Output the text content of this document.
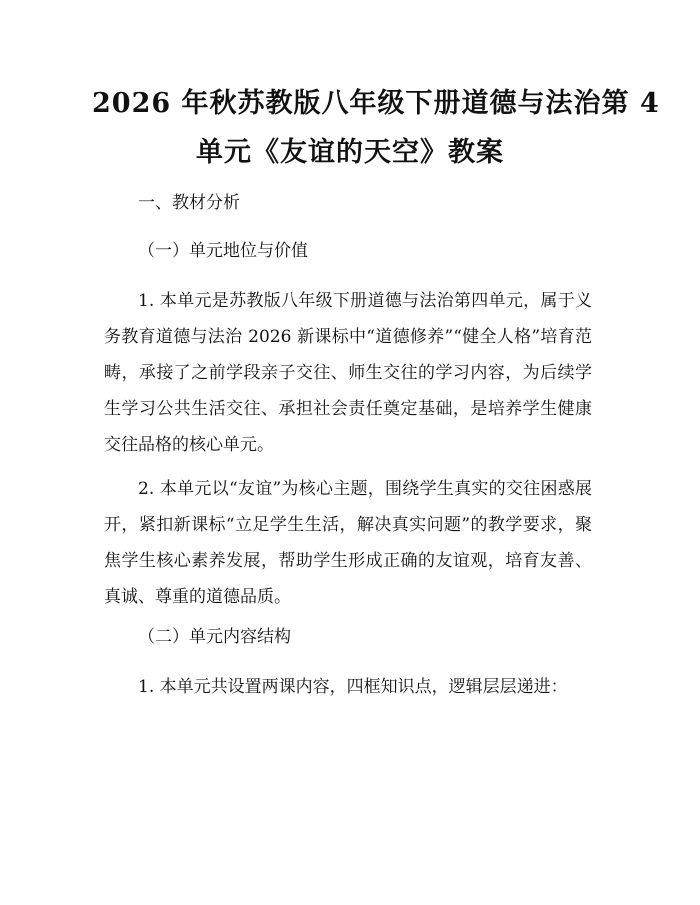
2026 年秋苏教版八年级下册道德与法治第 4
单元《友谊的天空》教案
一、教材分析
（一）单元地位与价值
1. 本单元是苏教版八年级下册道德与法治第四单元，属于义务教育道德与法治 2026 新课标中“道德修养”“健全人格”培育范畴，承接了之前学段亲子交往、师生交往的学习内容，为后续学生学习公共生活交往、承担社会责任奠定基础，是培养学生健康交往品格的核心单元。
2. 本单元以“友谊”为核心主题，围绕学生真实的交往困惑展开，紧扣新课标“立足学生生活，解决真实问题”的教学要求，聚焦学生核心素养发展，帮助学生形成正确的友谊观，培育友善、真诚、尊重的道德品质。
（二）单元内容结构
1. 本单元共设置两课内容，四框知识点，逻辑层层递进：
